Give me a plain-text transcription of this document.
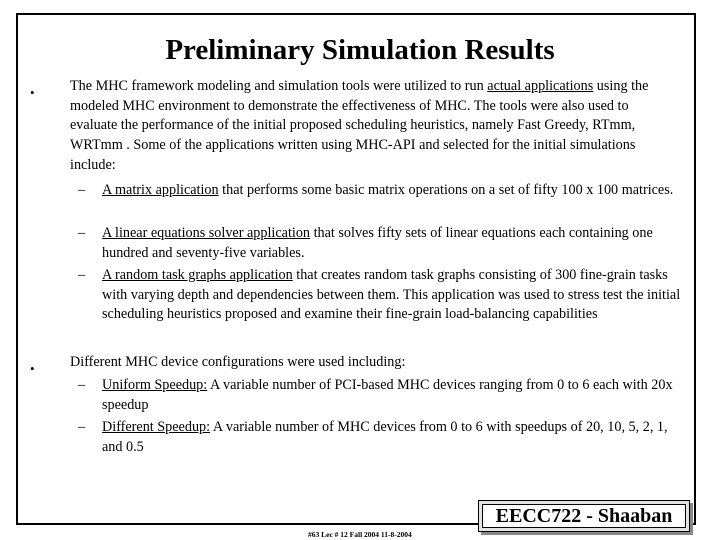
Preliminary Simulation Results
• The MHC framework modeling and simulation tools were utilized to run actual applications using the modeled MHC environment to demonstrate the effectiveness of MHC. The tools were also used to evaluate the performance of the initial proposed scheduling heuristics, namely Fast Greedy, RTmm, WRTmm . Some of the applications written using MHC-API and selected for the initial simulations include:

– A matrix application that performs some basic matrix operations on a set of fifty 100 x 100 matrices.
– A linear equations solver application that solves fifty sets of linear equations each containing one hundred and seventy-five variables.
– A random task graphs application that creates random task graphs consisting of 300 fine-grain tasks with varying depth and dependencies between them. This application was used to stress test the initial scheduling heuristics proposed and examine their fine-grain load-balancing capabilities
• Different MHC device configurations were used including:

– Uniform Speedup: A variable number of PCI-based MHC devices ranging from 0 to 6 each with 20x speedup
– Different Speedup: A variable number of MHC devices from 0 to 6 with speedups of 20, 10, 5, 2, 1, and 0.5
EECC722 - Shaaban
#63 Lec # 12 Fall 2004 11-8-2004
